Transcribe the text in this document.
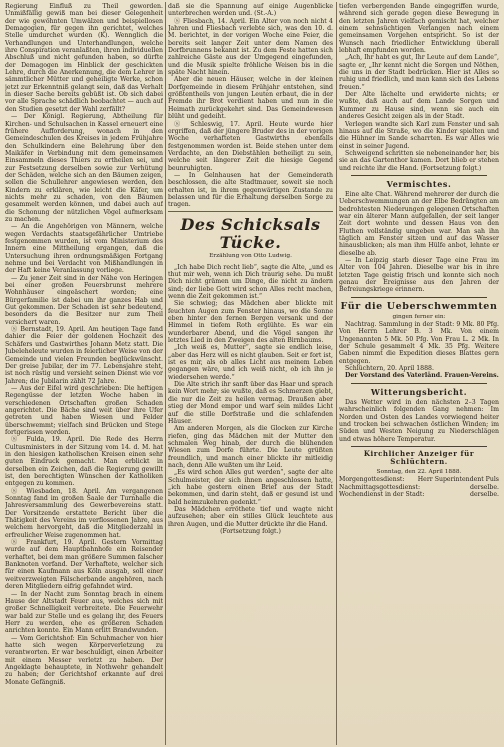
Regierung Einfluß zu Theil geworden. Unmißfällig gewiß man bei dieser Gelegenheit der wie gewöhnten Umwälzen und beispiellosen Demagogien, für gegen ihn gerichtet, welches Stelle umdurchet wurden (K). Wennglich die Verhandlungen und Unterhandlungen, welche ihre Conspiration veranlaßten, ihren individuellen Abschluß und nicht gefunden haben, so dürfte der Demagogen im Hinblick der geschickten Lehre, durch die Anerkennung, die dem Lehrer in sämmtlicher Mütter und geheiligte Werke, schon jetzt zur Erkenntniß gelangt sein, daß das Verhalt in dieser Sache bereits gebüßt ist. Ob sich dabei vor alle Sprache schädlich beobachtet — auch auf den Studien gesetzt der Wahl zerfällt?

— Der Königl. Regierung, Abtheilung für Kirchen- und Schulsachen in Kassel erneuert eine frühere Aufforderung, wonach in den Gemeindeschulen des Kreises in jedem Frühjahre den Schulkindern eine Belehrung über den Maikäfer in Verbindung mit dem gemeinsamen Einsammeln dieses Thiers zu ertheilen sei, und zur Festsetzung derselben sowie zur Verhütung der Schäden, welche sich an den Bäumen zeigen, sollen die Schullehrer angewiesen werden, den Kindern zu erklären, wie leicht die Käfer, um nichts mehr zu schaden, von den Bäumen gesammelt werden können, und dabei auch auf die Schonung der nützlichen Vögel aufmerksam zu machen.

— An die Angehörigen von Männern, welche wegen Verdachts staatsgefährlicher Umtriebe festgenommen wurden, ist vom Ministerium des Innern eine Mittheilung ergangen, daß die Untersuchung ihren ordnungsmäßigen Fortgang nehme und bei Verdacht von Mißhandlungen in der Haft keine Veranlassung vorliege.

— Zu jener Zeit sind in der Nähe von Heringen bei einer großen Feuersbrunst mehrere Wohnhäuser eingeäschert worden; eine Bürgerfamilie ist dabei um ihr ganzes Hab und Gut gekommen. Der Schaden ist sehr bedeutend, besonders da die Besitzer nur zum Theil versichert waren.

Ⓢ Bernstadt, 19. April. Am heutigen Tage fand dahier die Feier der goldenen Hochzeit des Schäfers und Gastwirthes Johann Metz statt. Die Jubeleheleute wurden in feierlicher Weise von der Gemeinde und vielen Freunden beglückwünscht. Der greise Jubilar, der im 77. Lebensjahre steht, ist noch rüstig und versieht seinen Dienst wie vor Jahren; die Jubilarin zählt 72 Jahre.

— Aus der Eifel wird geschrieben: Die heftigen Regengüsse der letzten Woche haben in verschiedenen Ortschaften großen Schaden angerichtet. Die Bäche sind weit über ihre Ufer getreten und haben Wiesen und Felder überschwemmt; vielfach sind Brücken und Stege fortgerissen worden.

Ⓢ Fulda, 19. April. Die Rede des Herrn Cultusministers in der Sitzung vom 14. d. M. hat in den hiesigen katholischen Kreisen einen sehr guten Eindruck gemacht. Man erblickt in derselben ein Zeichen, daß die Regierung gewillt ist, den berechtigten Wünschen der Katholiken entgegen zu kommen.

Ⓢ Wiesbaden, 18. April. Am vergangenen Sonntag fand im großen Saale der Turnhalle die Jahresversammlung des Gewerbevereins statt. Der Vorsitzende erstattete Bericht über die Thätigkeit des Vereins im verflossenen Jahre, aus welchem hervorgeht, daß die Mitgliederzahl in erfreulicher Weise zugenommen hat.

Ⓢ Frankfurt, 19. April. Gestern Vormittag wurde auf dem Hauptbahnhofe ein Reisender verhaftet, bei dem man größere Summen falscher Banknoten vorfand. Der Verhaftete, welcher sich für einen Kaufmann aus Köln ausgab, soll einer weitverzweigten Fälscherbande angehören, nach deren Mitgliedern eifrig gefahndet wird.

— In der Nacht zum Sonntag brach in einem Hause der Altstadt Feuer aus, welches sich mit großer Schnelligkeit verbreitete. Die Feuerwehr war bald zur Stelle und es gelang ihr, des Feuers Herr zu werden, ehe es größeren Schaden anrichten konnte. Ein Mann erlitt Brandwunden.

— Vom Gerichtshof: Ein Schuhmacher von hier hatte sich wegen Körperverletzung zu verantworten. Er war beschuldigt, einen Arbeiter mit einem Messer verletzt zu haben. Der Angeklagte behauptete, in Nothwehr gehandelt zu haben; der Gerichtshof erkannte auf drei Monate Gefängniß.

daß sie die Spannung auf einige Augenblicke unterbrechen werden und. (St.-A.)

Ⓢ Fliesbach, 14. April. Ein Alter von noch nicht 4 Jahren und Fliesbach verlebte sich, was den 10. d. M. berichtet, in der vorigen Woche eine Feier, die bereits seit langer Zeit unter dem Namen des Dorfbrunnens bekannt ist. Zu dem Feste hatten sich zahlreiche Gäste aus der Umgegend eingefunden, und die Musik spielte fröhliche Weisen bis in die späte Nacht hinein.

Aber die neuen Häuser, welche in der kleinen Dorfgemeinde in diesem Frühjahr entstehen, sind größtentheils von jungen Leuten erbaut, die in der Fremde ihr Brot verdient haben und nun in die Heimath zurückgekehrt sind. Das Gemeindewesen blüht und gedeiht.

Ⓢ Schleswig, 17. April. Heute wurde hier ergriffen, daß der jüngere Bruder des in der vorigen Woche verhafteten Gastwirths ebenfalls festgenommen worden ist. Beide stehen unter dem Verdachte, an den Diebstählen betheiligt zu sein, welche seit längerer Zeit die hiesige Gegend beunruhigten.

— In Gelnhausen hat der Gemeinderath beschlossen, die alte Stadtmauer, soweit sie noch erhalten ist, in ihrem gegenwärtigen Zustande zu belassen und für die Erhaltung derselben Sorge zu tragen.

Des Schicksals Tücke.
Erzählung von Otto Ludwig.

„Ich habe Dich recht lieb“, sagte die Alte, „und es thut mir weh, wenn ich Dich traurig sehe. Du mußt Dich nicht grämen um Dinge, die nicht zu ändern sind; der liebe Gott wird schon Alles recht machen, wenn die Zeit gekommen ist.“

Sie schwieg; das Mädchen aber blickte mit feuchten Augen zum Fenster hinaus, wo die Sonne eben hinter den fernen Bergen versank und der Himmel in tiefem Roth erglühte. Es war ein wunderbarer Abend, und die Vögel sangen ihr letztes Lied in den Zweigen des alten Birnbaums.

„Ich weiß es, Mutter“, sagte sie endlich leise, „aber das Herz will es nicht glauben. Seit er fort ist, ist es mir, als ob alles Licht aus meinem Leben gegangen wäre, und ich weiß nicht, ob ich ihn je wiedersehen werde.“

Die Alte strich ihr sanft über das Haar und sprach kein Wort mehr; sie wußte, daß es Schmerzen giebt, die nur die Zeit zu heilen vermag. Draußen aber stieg der Mond empor und warf sein mildes Licht auf die stille Dorfstraße und die schlafenden Häuser.

Am anderen Morgen, als die Glocken zur Kirche riefen, ging das Mädchen mit der Mutter den schmalen Weg hinab, der durch die blühenden Wiesen zum Dorfe führte. Die Leute grüßten freundlich, und manch einer blickte ihr mitleidig nach, denn Alle wußten um ihr Leid.

„Es wird schon Alles gut werden“, sagte der alte Schulmeister, der sich ihnen angeschlossen hatte, „ich habe gestern einen Brief aus der Stadt bekommen, und darin steht, daß er gesund ist und bald heimzukehren gedenkt.“

Das Mädchen erröthete tief und wagte nicht aufzusehen; aber ein stilles Glück leuchtete aus ihren Augen, und die Mutter drückte ihr die Hand.

(Fortsetzung folgt.)

tiefen verbergenden Bande eingegriffen wurde, während sich gerade gegen diese Bewegung in den letzten Jahren vielfach gemischt hat, welcher einem sehnsüchtigen Verlangen nach einem gemeinsamen Vorgehen entspricht. So ist der Wunsch nach friedlicher Entwicklung überall lebhaft empfunden worden.

„Ach, Ihr habt es gut, Ihr Leute auf dem Lande“, sagte er, „Ihr kennt nicht die Sorgen und Nöthen, die uns in der Stadt bedrücken. Hier ist Alles so ruhig und friedlich, und man kann sich des Lebens freuen.“

Der Alte lächelte und erwiderte nichts; er wußte, daß auch auf dem Lande Sorgen und Kummer zu Hause sind, wenn sie auch ein anderes Gesicht zeigen als in der Stadt.

Verlegen wandte sich Karl zum Fenster und sah hinaus auf die Straße, wo die Kinder spielten und die Hühner im Sande scharrten. Es war Alles wie einst in seiner Jugend.

Schweigend schritten sie nebeneinander her, bis sie an das Gartenthor kamen. Dort blieb er stehen und reichte ihr die Hand. (Fortsetzung folgt.)

Vermischtes.

Eine alte Chat. Während mehrerer der durch die Ueberschwemmungen an der Elbe Bedrängten am bedrohtesten Niederungen gelegenen Ortschaften war ein älterer Mann aufgefallen, der seit langer Zeit dort wohnte und dessen Haus von den Fluthen vollständig umgeben war. Man sah ihn täglich am Fenster sitzen und auf das Wasser hinausblicken; als man ihm Hülfe anbot, lehnte er dieselbe ab.

— In Leipzig starb dieser Tage eine Frau im Alter von 104 Jahren. Dieselbe war bis in ihre letzten Tage geistig frisch und konnte sich noch genau der Ereignisse aus den Jahren der Befreiungskriege erinnern.

Für die Ueberschwemmten

gingen ferner ein:

Nachtrag. Sammlung in der Stadt: 9 Mk. 80 Pfg. Von Herrn Lehrer B. 3 Mk. Von einem Ungenannten 5 Mk. 50 Pfg. Von Frau L. 2 Mk. In der Schule gesammelt 4 Mk. 35 Pfg. Weitere Gaben nimmt die Expedition dieses Blattes gern entgegen.

Schlüchtern, 20. April 1888.

Der Vorstand des Vaterländ. Frauen-Vereins.

Witterungsbericht.

Das Wetter wird in den nächsten 2–3 Tagen wahrscheinlich folgenden Gang nehmen: Im Norden und Osten des Landes vorwiegend heiter und trocken bei schwachen östlichen Winden; im Süden und Westen Neigung zu Niederschlägen und etwas höhere Temperatur.

Kirchlicher Anzeiger für Schlüchtern.

Sonntag, den 22. April 1888.

Morgengottesdienst: Herr Superintendent Puls
Nachmittagsgottesdienst:	derselbe.
Wochendienst in der Stadt:	derselbe.
